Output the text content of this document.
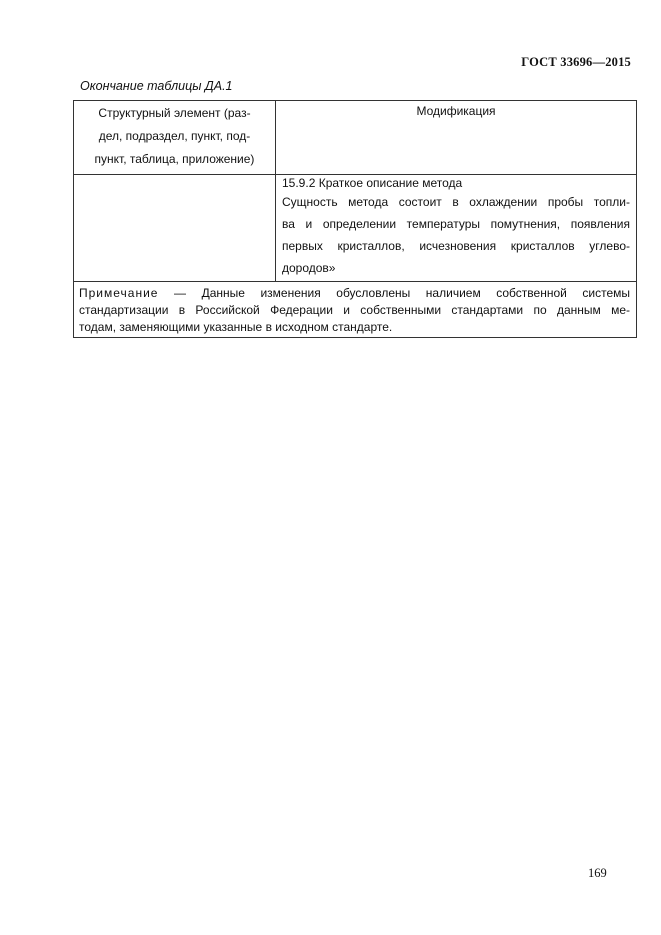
ГОСТ 33696—2015
Окончание таблицы ДА.1
Структурный элемент (раз-
дел, подраздел, пункт, под-
пункт, таблица, приложение)	Модификация

	15.9.2 Краткое описание метода
Сущность метода состоит в охлаждении пробы топли-
ва и определении температуры помутнения, появления
первых кристаллов, исчезновения кристаллов углево-
дородов»

Примечание — Данные изменения обусловлены наличием собственной системы
стандартизации в Российской Федерации и собственными стандартами по данным ме-
тодам, заменяющими указанные в исходном стандарте.	
169
